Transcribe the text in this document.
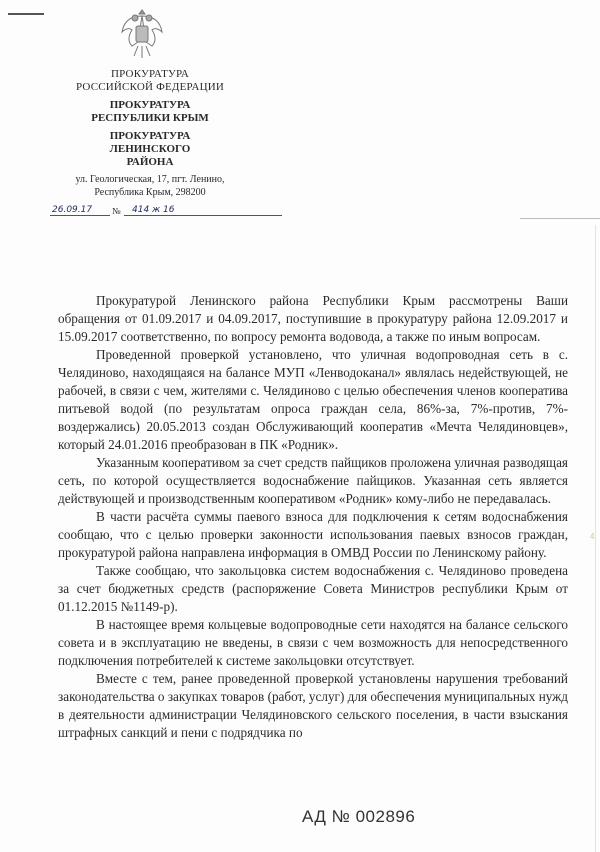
ПРОКУРАТУРА
РОССИЙСКОЙ ФЕДЕРАЦИИ
ПРОКУРАТУРА
РЕСПУБЛИКИ КРЫМ
ПРОКУРАТУРА
ЛЕНИНСКОГО
РАЙОНА
ул. Геологическая, 17, пгт. Ленино,
Республика Крым, 298200
26.09.17	№	414 ж 16
4

Прокуратурой Ленинского района Республики Крым рассмотрены Ваши обращения от 01.09.2017 и 04.09.2017, поступившие в прокуратуру района 12.09.2017 и 15.09.2017 соответственно, по вопросу ремонта водовода, а также по иным вопросам.

Проведенной проверкой установлено, что уличная водопроводная сеть в с. Челядиново, находящаяся на балансе МУП «Ленводоканал» являлась недействующей, не рабочей, в связи с чем, жителями с. Челядиново с целью обеспечения членов кооператива питьевой водой (по результатам опроса граждан села, 86%-за, 7%-против, 7%-воздержались) 20.05.2013 создан Обслуживающий кооператив «Мечта Челядиновцев», который 24.01.2016 преобразован в ПК «Родник».

Указанным кооперативом за счет средств пайщиков проложена уличная разводящая сеть, по которой осуществляется водоснабжение пайщиков. Указанная сеть является действующей и производственным кооперативом «Родник» кому-либо не передавалась.

В части расчёта суммы паевого взноса для подключения к сетям водоснабжения сообщаю, что с целью проверки законности использования паевых взносов граждан, прокуратурой района направлена информация в ОМВД России по Ленинскому району.

Также сообщаю, что закольцовка систем водоснабжения с. Челядиново проведена за счет бюджетных средств (распоряжение Совета Министров республики Крым от 01.12.2015 №1149-р).

В настоящее время кольцевые водопроводные сети находятся на балансе сельского совета и в эксплуатацию не введены, в связи с чем возможность для непосредственного подключения потребителей к системе закольцовки отсутствует.

Вместе с тем, ранее проведенной проверкой установлены нарушения требований законодательства о закупках товаров (работ, услуг) для обеспечения муниципальных нужд в деятельности администрации Челядиновского сельского поселения, в части взыскания штрафных санкций и пени с подрядчика по

АД № 002896
